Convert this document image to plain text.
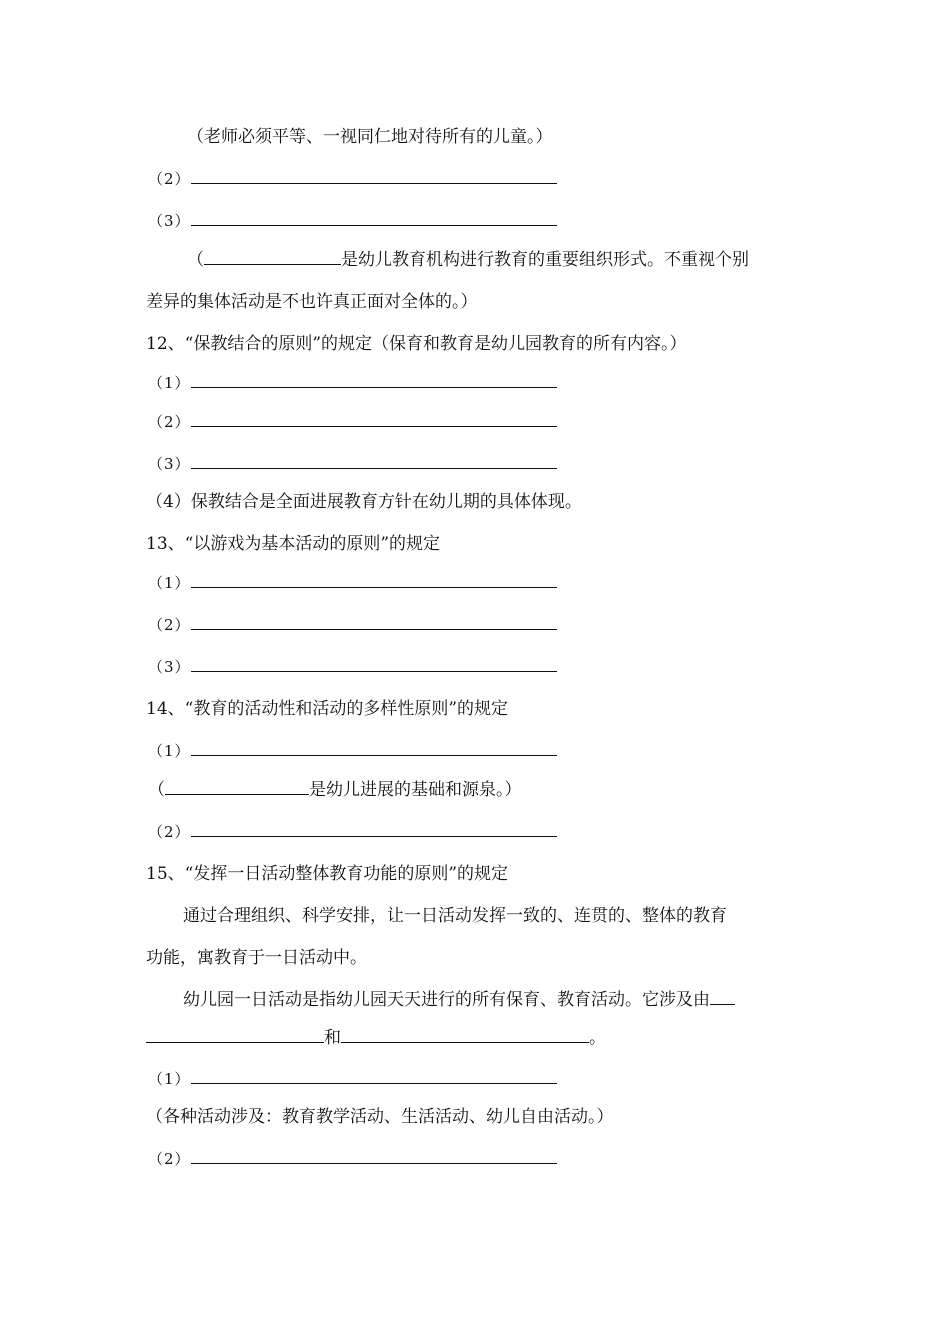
（老师必须平等、一视同仁地对待所有的儿童。）
（2）
（3）
（	是幼儿教育机构进行教育的重要组织形式。不重视个别
差异的集体活动是不也许真正面对全体的。）
12、“保教结合的原则”的规定（保育和教育是幼儿园教育的所有内容。）
（1）
（2）
（3）
（4）保教结合是全面进展教育方针在幼儿期的具体体现。
13、“以游戏为基本活动的原则”的规定
（1）
（2）
（3）
14、“教育的活动性和活动的多样性原则”的规定
（1）
（	是幼儿进展的基础和源泉。）
（2）
15、“发挥一日活动整体教育功能的原则”的规定
通过合理组织、科学安排，让一日活动发挥一致的、连贯的、整体的教育
功能，寓教育于一日活动中。
幼儿园一日活动是指幼儿园天天进行的所有保育、教育活动。它涉及由
和	。
（1）
（各种活动涉及：教育教学活动、生活活动、幼儿自由活动。）
（2）
